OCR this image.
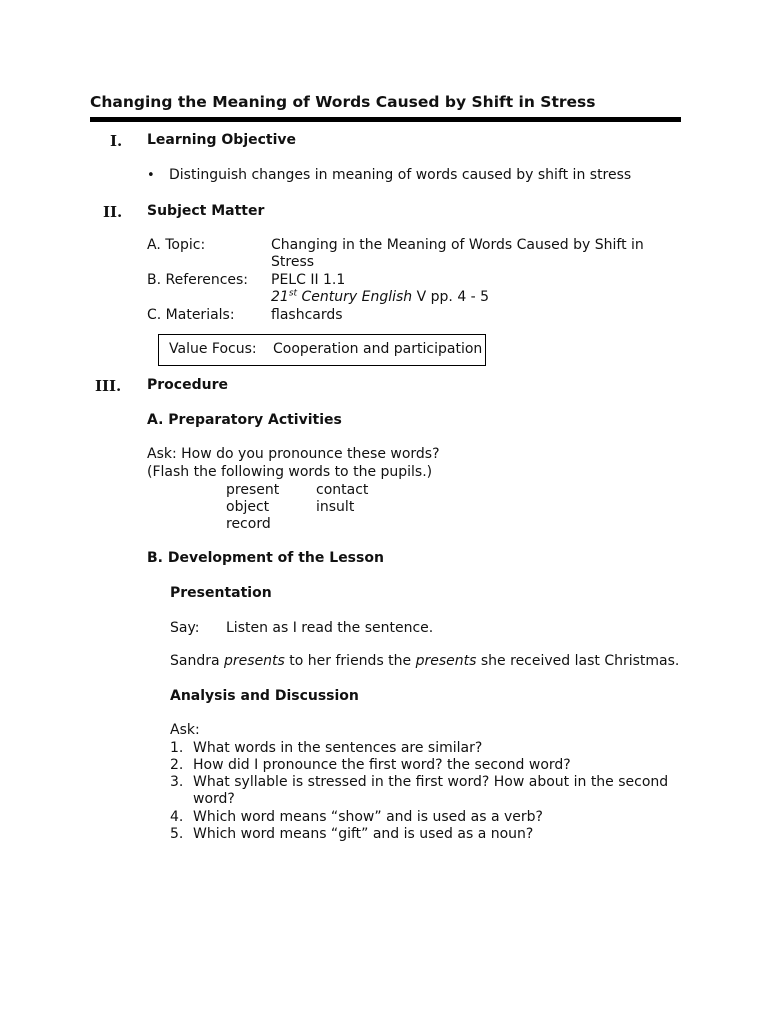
Changing the Meaning of Words Caused by Shift in Stress
I. Learning Objective
• Distinguish changes in meaning of words caused by shift in stress
II. Subject Matter
A. Topic:	Changing in the Meaning of Words Caused by Shift in
Stress
B. References: PELC II 1.1
21st Century English V pp. 4 - 5
C. Materials:	flashcards
Value Focus: Cooperation and participation
III. Procedure
A. Preparatory Activities
Ask: How do you pronounce these words?
(Flash the following words to the pupils.)
present	contact
object	insult
record
B. Development of the Lesson
Presentation
Say: Listen as I read the sentence.
Sandra presents to her friends the presents she received last Christmas.
Analysis and Discussion
Ask:
1. What words in the sentences are similar?
2. How did I pronounce the first word? the second word?
3. What syllable is stressed in the first word? How about in the second
word?
4. Which word means “show” and is used as a verb?
5. Which word means “gift” and is used as a noun?
